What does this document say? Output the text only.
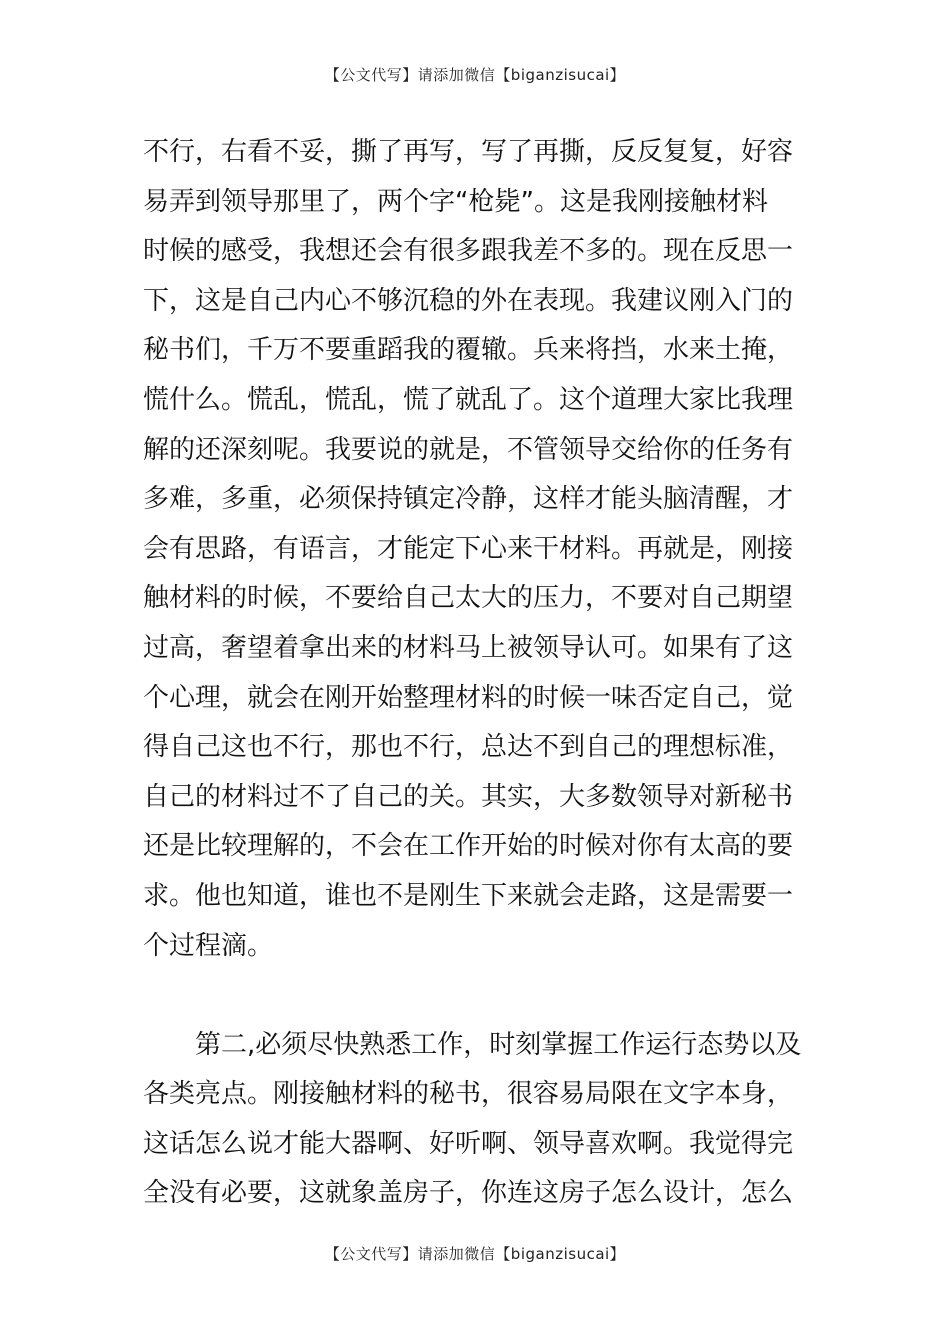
【公文代写】请添加微信【biganzisucai】
不行，右看不妥，撕了再写，写了再撕，反反复复，好容
易弄到领导那里了，两个字“枪毙”。这是我刚接触材料
时候的感受，我想还会有很多跟我差不多的。现在反思一
下，这是自己内心不够沉稳的外在表现。我建议刚入门的
秘书们，千万不要重蹈我的覆辙。兵来将挡，水来土掩，
慌什么。慌乱，慌乱，慌了就乱了。这个道理大家比我理
解的还深刻呢。我要说的就是，不管领导交给你的任务有
多难，多重，必须保持镇定冷静，这样才能头脑清醒，才
会有思路，有语言，才能定下心来干材料。再就是，刚接
触材料的时候，不要给自己太大的压力，不要对自己期望
过高，奢望着拿出来的材料马上被领导认可。如果有了这
个心理，就会在刚开始整理材料的时候一味否定自己，觉
得自己这也不行，那也不行，总达不到自己的理想标准，
自己的材料过不了自己的关。其实，大多数领导对新秘书
还是比较理解的，不会在工作开始的时候对你有太高的要
求。他也知道，谁也不是刚生下来就会走路，这是需要一
个过程滴。
第二,必须尽快熟悉工作，时刻掌握工作运行态势以及
各类亮点。刚接触材料的秘书，很容易局限在文字本身，
这话怎么说才能大器啊、好听啊、领导喜欢啊。我觉得完
全没有必要，这就象盖房子，你连这房子怎么设计，怎么
【公文代写】请添加微信【biganzisucai】
